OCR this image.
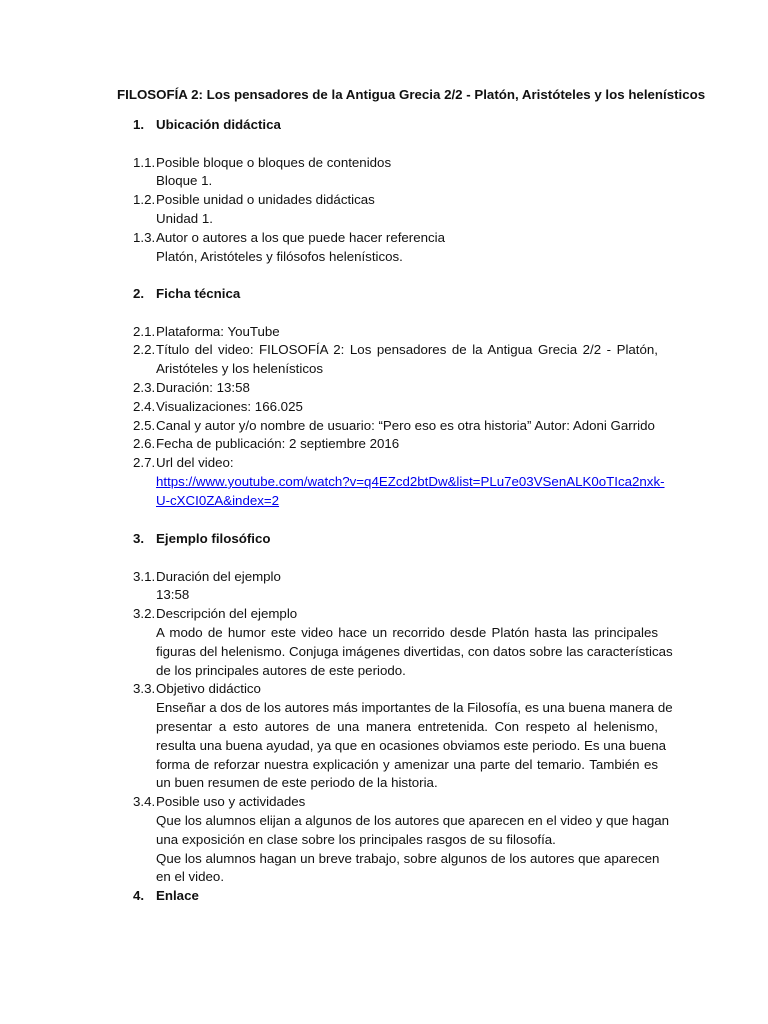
FILOSOFÍA 2: Los pensadores de la Antigua Grecia 2/2 - Platón, Aristóteles y los helenísticos
1. Ubicación didáctica
1.1. Posible bloque o bloques de contenidos
Bloque 1.
1.2. Posible unidad o unidades didácticas
Unidad 1.
1.3. Autor o autores a los que puede hacer referencia
Platón, Aristóteles y filósofos helenísticos.
2. Ficha técnica
2.1. Plataforma: YouTube
2.2. Título del video: FILOSOFÍA 2: Los pensadores de la Antigua Grecia 2/2 - Platón,
Aristóteles y los helenísticos
2.3. Duración: 13:58
2.4. Visualizaciones: 166.025
2.5. Canal y autor y/o nombre de usuario: “Pero eso es otra historia” Autor: Adoni Garrido
2.6. Fecha de publicación: 2 septiembre 2016
2.7. Url del video:
https://www.youtube.com/watch?v=q4EZcd2btDw&list=PLu7e03VSenALK0oTIca2nxk-
U-cXCI0ZA&index=2
3. Ejemplo filosófico
3.1. Duración del ejemplo
13:58
3.2. Descripción del ejemplo
A modo de humor este video hace un recorrido desde Platón hasta las principales
figuras del helenismo. Conjuga imágenes divertidas, con datos sobre las características
de los principales autores de este periodo.
3.3. Objetivo didáctico
Enseñar a dos de los autores más importantes de la Filosofía, es una buena manera de
presentar a esto autores de una manera entretenida. Con respeto al helenismo,
resulta una buena ayudad, ya que en ocasiones obviamos este periodo. Es una buena
forma de reforzar nuestra explicación y amenizar una parte del temario. También es
un buen resumen de este periodo de la historia.
3.4. Posible uso y actividades
Que los alumnos elijan a algunos de los autores que aparecen en el video y que hagan
una exposición en clase sobre los principales rasgos de su filosofía.
Que los alumnos hagan un breve trabajo, sobre algunos de los autores que aparecen
en el video.
4. Enlace
